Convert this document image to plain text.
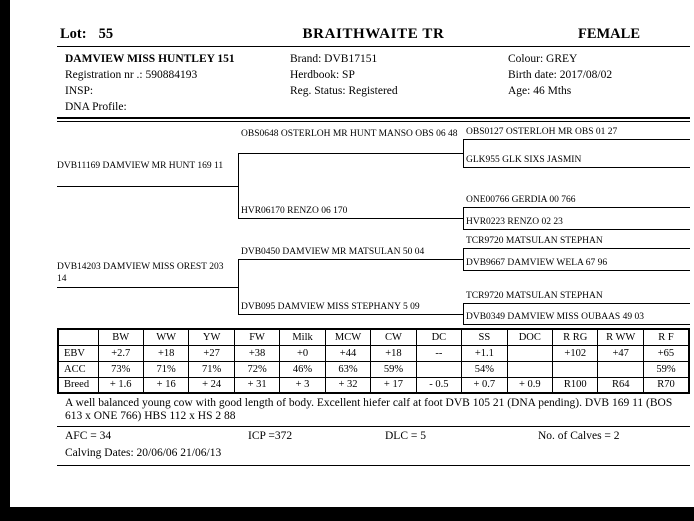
Lot: 55	BRAITHWAITE TR	FEMALE
DAMVIEW MISS HUNTLEY 151
Registration nr .: 590884193
INSP:
DNA Profile:
Brand: DVB17151
Herdbook: SP
Reg. Status: Registered
Colour: GREY
Birth date: 2017/08/02
Age: 46 Mths
DVB11169 DAMVIEW MR HUNT 169 11
DVB14203 DAMVIEW MISS OREST 203 14
OBS0648 OSTERLOH MR HUNT MANSO OBS 06 48
HVR06170 RENZO 06 170
DVB0450 DAMVIEW MR MATSULAN 50 04
DVB095 DAMVIEW MISS STEPHANY 5 09
OBS0127 OSTERLOH MR OBS 01 27
GLK955 GLK SIXS JASMIN
ONE00766 GERDIA 00 766
HVR0223 RENZO 02 23
TCR9720 MATSULAN STEPHAN
DVB9667 DAMVIEW WELA 67 96
TCR9720 MATSULAN STEPHAN
DVB0349 DAMVIEW MISS OUBAAS 49 03
	BW	WW	YW	FW	Milk	MCW	CW	DC	SS	DOC	R RG	R WW	R F
EBV	+2.7	+18	+27	+38	+0	+44	+18	--	+1.1		+102	+47	+65
ACC	73%	71%	71%	72%	46%	63%	59%		54%				59%
Breed	+ 1.6	+ 16	+ 24	+ 31	+ 3	+ 32	+ 17	- 0.5	+ 0.7	+ 0.9	R100	R64	R70
A well balanced young cow with good length of body. Excellent hiefer calf at foot DVB 105 21 (DNA pending). DVB 169 11 (BOS 613 x ONE 766) HBS 112 x HS 2 88
AFC = 34	ICP =372	DLC = 5	No. of Calves = 2
Calving Dates: 20/06/06 21/06/13
